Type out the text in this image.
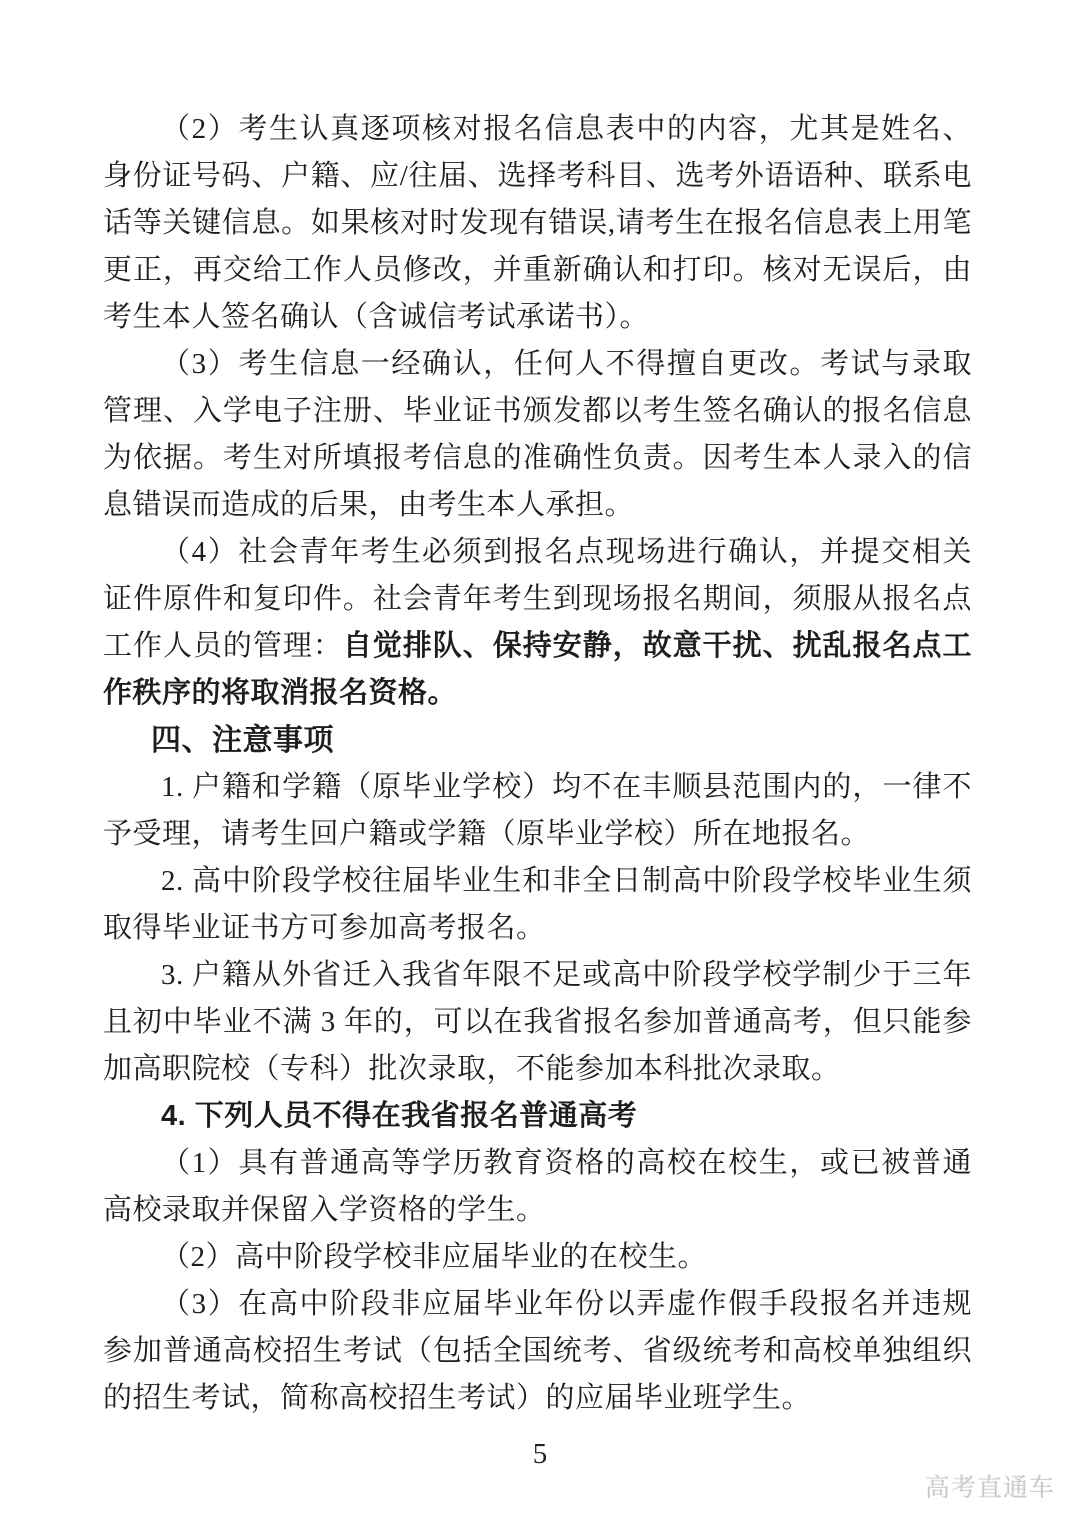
（2）考生认真逐项核对报名信息表中的内容，尤其是姓名、身份证号码、户籍、应/往届、选择考科目、选考外语语种、联系电话等关键信息。如果核对时发现有错误,请考生在报名信息表上用笔更正，再交给工作人员修改，并重新确认和打印。核对无误后，由考生本人签名确认（含诚信考试承诺书）。

（3）考生信息一经确认，任何人不得擅自更改。考试与录取管理、入学电子注册、毕业证书颁发都以考生签名确认的报名信息为依据。考生对所填报考信息的准确性负责。因考生本人录入的信息错误而造成的后果，由考生本人承担。

（4）社会青年考生必须到报名点现场进行确认，并提交相关证件原件和复印件。社会青年考生到现场报名期间，须服从报名点工作人员的管理：自觉排队、保持安静，故意干扰、扰乱报名点工作秩序的将取消报名资格。

四、注意事项

1. 户籍和学籍（原毕业学校）均不在丰顺县范围内的，一律不予受理，请考生回户籍或学籍（原毕业学校）所在地报名。

2. 高中阶段学校往届毕业生和非全日制高中阶段学校毕业生须取得毕业证书方可参加高考报名。

3. 户籍从外省迁入我省年限不足或高中阶段学校学制少于三年且初中毕业不满 3 年的，可以在我省报名参加普通高考，但只能参加高职院校（专科）批次录取，不能参加本科批次录取。

4. 下列人员不得在我省报名普通高考

（1）具有普通高等学历教育资格的高校在校生，或已被普通高校录取并保留入学资格的学生。

（2）高中阶段学校非应届毕业的在校生。

（3）在高中阶段非应届毕业年份以弄虚作假手段报名并违规参加普通高校招生考试（包括全国统考、省级统考和高校单独组织的招生考试，简称高校招生考试）的应届毕业班学生。

5
高考直通车
